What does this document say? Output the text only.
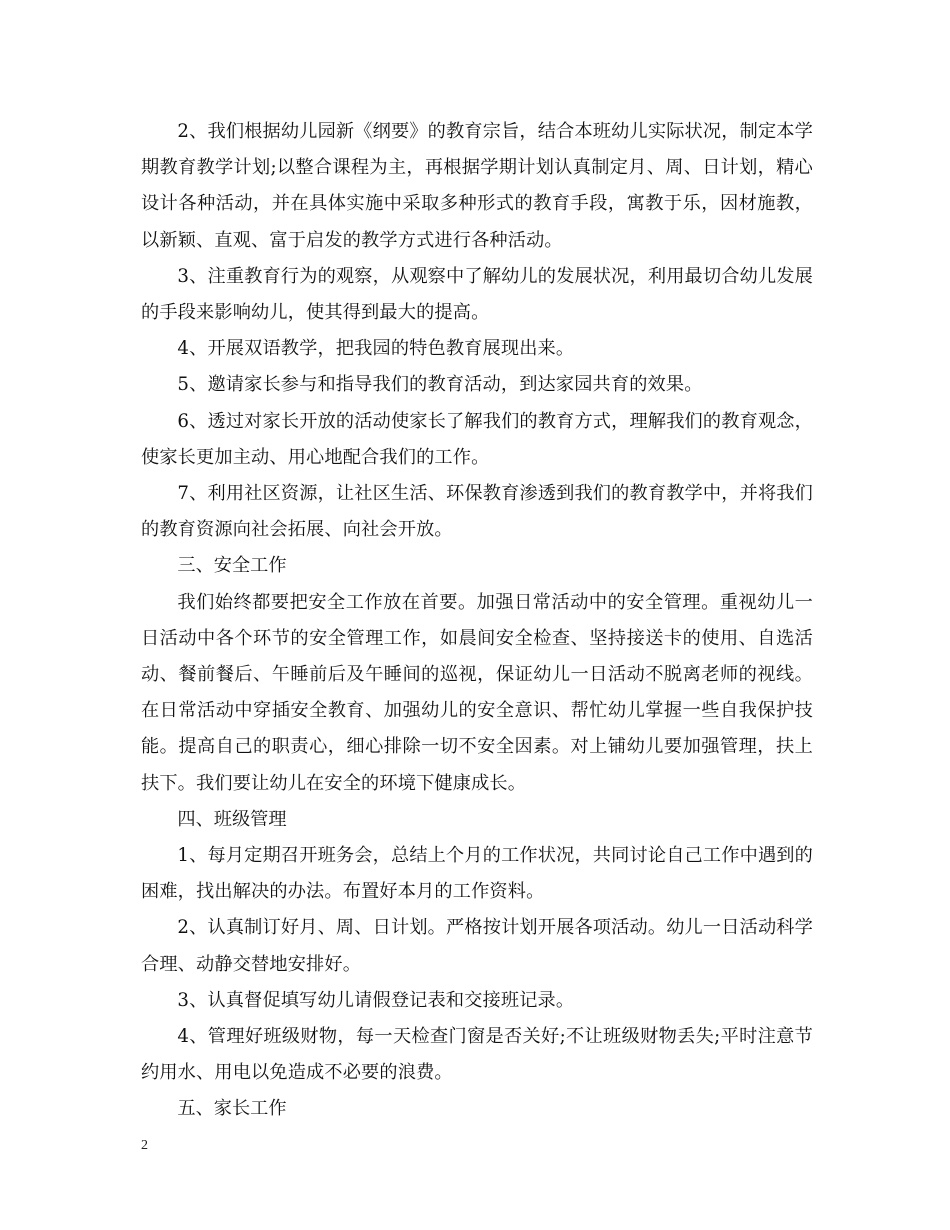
2、我们根据幼儿园新《纲要》的教育宗旨，结合本班幼儿实际状况，制定本学期教育教学计划;以整合课程为主，再根据学期计划认真制定月、周、日计划，精心设计各种活动，并在具体实施中采取多种形式的教育手段，寓教于乐，因材施教，以新颖、直观、富于启发的教学方式进行各种活动。

3、注重教育行为的观察，从观察中了解幼儿的发展状况，利用最切合幼儿发展的手段来影响幼儿，使其得到最大的提高。

4、开展双语教学，把我园的特色教育展现出来。

5、邀请家长参与和指导我们的教育活动，到达家园共育的效果。

6、透过对家长开放的活动使家长了解我们的教育方式，理解我们的教育观念，使家长更加主动、用心地配合我们的工作。

7、利用社区资源，让社区生活、环保教育渗透到我们的教育教学中，并将我们的教育资源向社会拓展、向社会开放。

三、安全工作

我们始终都要把安全工作放在首要。加强日常活动中的安全管理。重视幼儿一日活动中各个环节的安全管理工作，如晨间安全检查、坚持接送卡的使用、自选活动、餐前餐后、午睡前后及午睡间的巡视，保证幼儿一日活动不脱离老师的视线。在日常活动中穿插安全教育、加强幼儿的安全意识、帮忙幼儿掌握一些自我保护技能。提高自己的职责心，细心排除一切不安全因素。对上铺幼儿要加强管理，扶上扶下。我们要让幼儿在安全的环境下健康成长。

四、班级管理

1、每月定期召开班务会，总结上个月的工作状况，共同讨论自己工作中遇到的困难，找出解决的办法。布置好本月的工作资料。

2、认真制订好月、周、日计划。严格按计划开展各项活动。幼儿一日活动科学合理、动静交替地安排好。

3、认真督促填写幼儿请假登记表和交接班记录。

4、管理好班级财物，每一天检查门窗是否关好;不让班级财物丢失;平时注意节约用水、用电以免造成不必要的浪费。

五、家长工作

2
